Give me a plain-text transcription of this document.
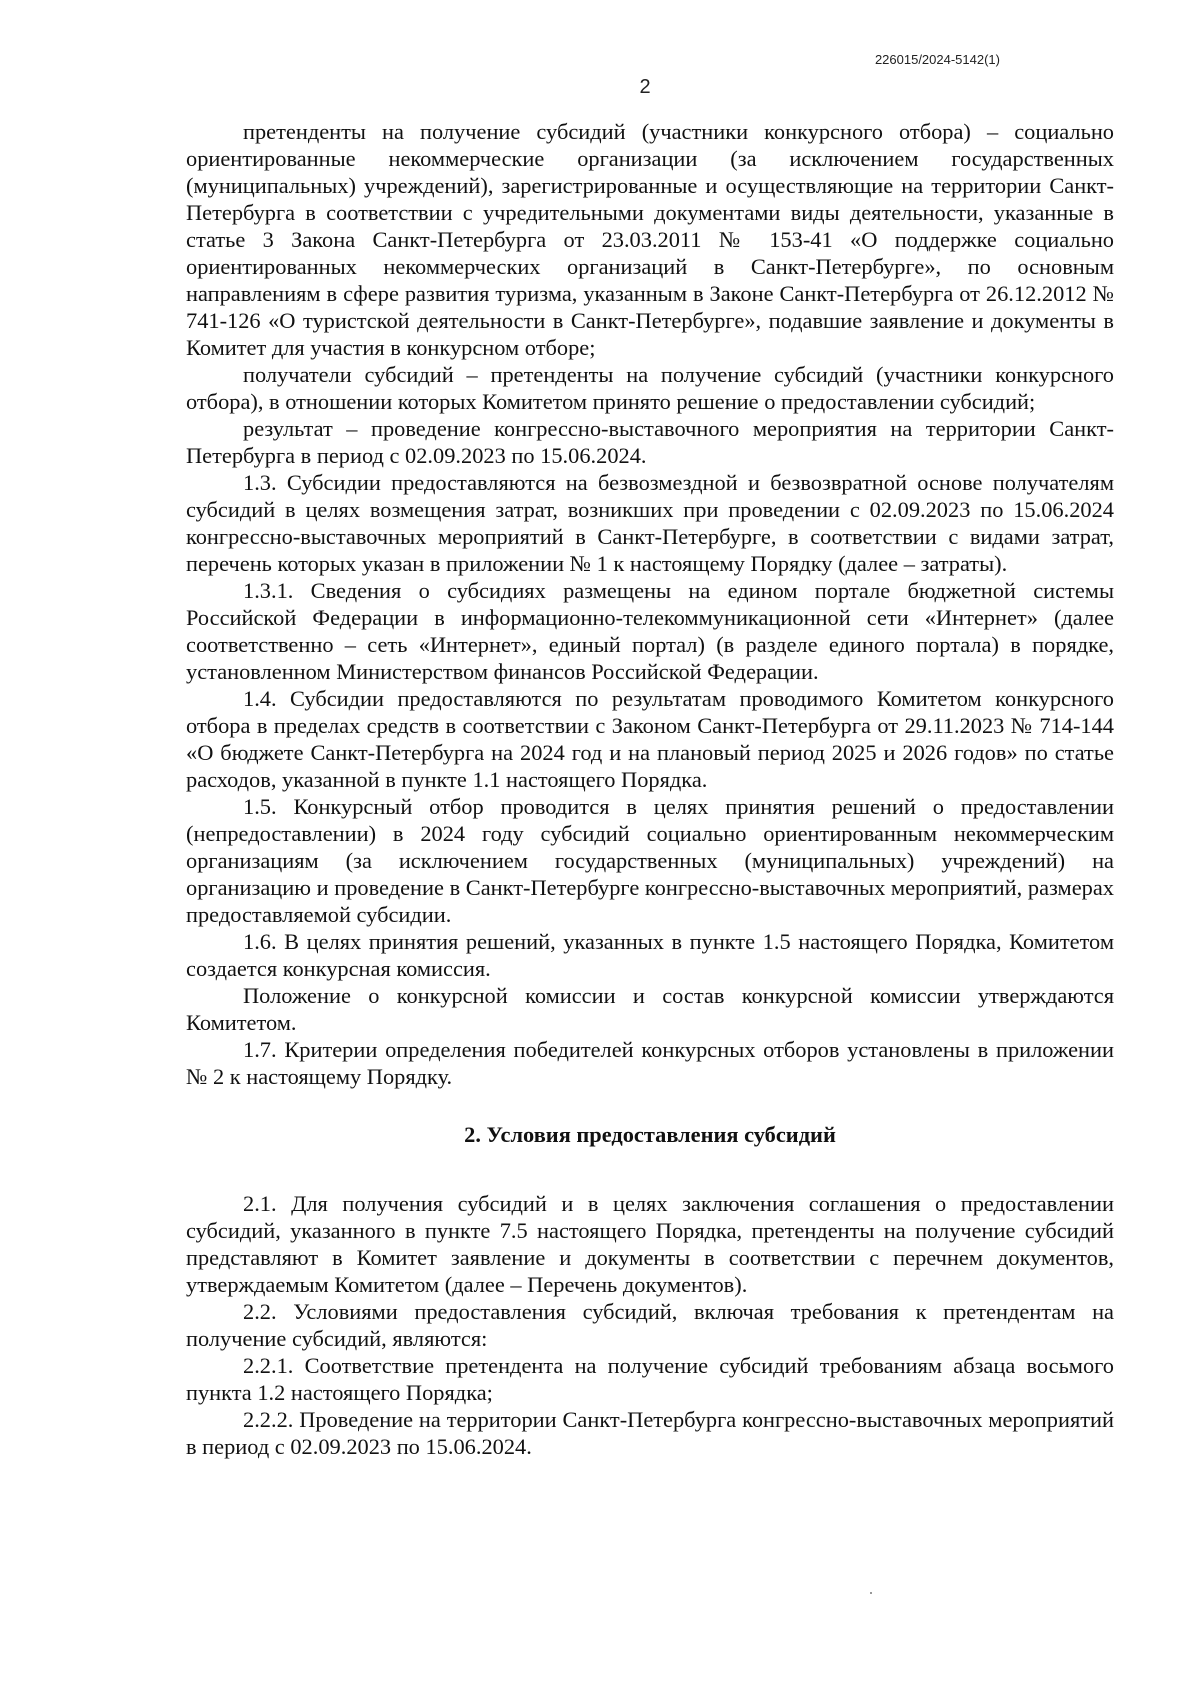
226015/2024-5142(1)
2

претенденты на получение субсидий (участники конкурсного отбора) – социально ориентированные некоммерческие организации (за исключением государственных (муниципальных) учреждений), зарегистрированные и осуществляющие на территории Санкт-Петербурга в соответствии с учредительными документами виды деятельности, указанные в статье 3 Закона Санкт-Петербурга от 23.03.2011 № 153-41 «О поддержке социально ориентированных некоммерческих организаций в Санкт-Петербурге», по основным направлениям в сфере развития туризма, указанным в Законе Санкт-Петербурга от 26.12.2012 № 741-126 «О туристской деятельности в Санкт-Петербурге», подавшие заявление и документы в Комитет для участия в конкурсном отборе;

получатели субсидий – претенденты на получение субсидий (участники конкурсного отбора), в отношении которых Комитетом принято решение о предоставлении субсидий;

результат – проведение конгрессно-выставочного мероприятия на территории Санкт-Петербурга в период с 02.09.2023 по 15.06.2024.

1.3. Субсидии предоставляются на безвозмездной и безвозвратной основе получателям субсидий в целях возмещения затрат, возникших при проведении с 02.09.2023 по 15.06.2024 конгрессно-выставочных мероприятий в Санкт-Петербурге, в соответствии с видами затрат, перечень которых указан в приложении № 1 к настоящему Порядку (далее – затраты).

1.3.1. Сведения о субсидиях размещены на едином портале бюджетной системы Российской Федерации в информационно-телекоммуникационной сети «Интернет» (далее соответственно – сеть «Интернет», единый портал) (в разделе единого портала) в порядке, установленном Министерством финансов Российской Федерации.

1.4. Субсидии предоставляются по результатам проводимого Комитетом конкурсного отбора в пределах средств в соответствии с Законом Санкт-Петербурга от 29.11.2023 № 714-144 «О бюджете Санкт-Петербурга на 2024 год и на плановый период 2025 и 2026 годов» по статье расходов, указанной в пункте 1.1 настоящего Порядка.

1.5. Конкурсный отбор проводится в целях принятия решений о предоставлении (непредоставлении) в 2024 году субсидий социально ориентированным некоммерческим организациям (за исключением государственных (муниципальных) учреждений) на организацию и проведение в Санкт-Петербурге конгрессно-выставочных мероприятий, размерах предоставляемой субсидии.

1.6. В целях принятия решений, указанных в пункте 1.5 настоящего Порядка, Комитетом создается конкурсная комиссия.

Положение о конкурсной комиссии и состав конкурсной комиссии утверждаются Комитетом.

1.7. Критерии определения победителей конкурсных отборов установлены в приложении № 2 к настоящему Порядку.

2. Условия предоставления субсидий

2.1. Для получения субсидий и в целях заключения соглашения о предоставлении субсидий, указанного в пункте 7.5 настоящего Порядка, претенденты на получение субсидий представляют в Комитет заявление и документы в соответствии с перечнем документов, утверждаемым Комитетом (далее – Перечень документов).

2.2. Условиями предоставления субсидий, включая требования к претендентам на получение субсидий, являются:

2.2.1. Соответствие претендента на получение субсидий требованиям абзаца восьмого пункта 1.2 настоящего Порядка;

2.2.2. Проведение на территории Санкт-Петербурга конгрессно-выставочных мероприятий в период с 02.09.2023 по 15.06.2024.
